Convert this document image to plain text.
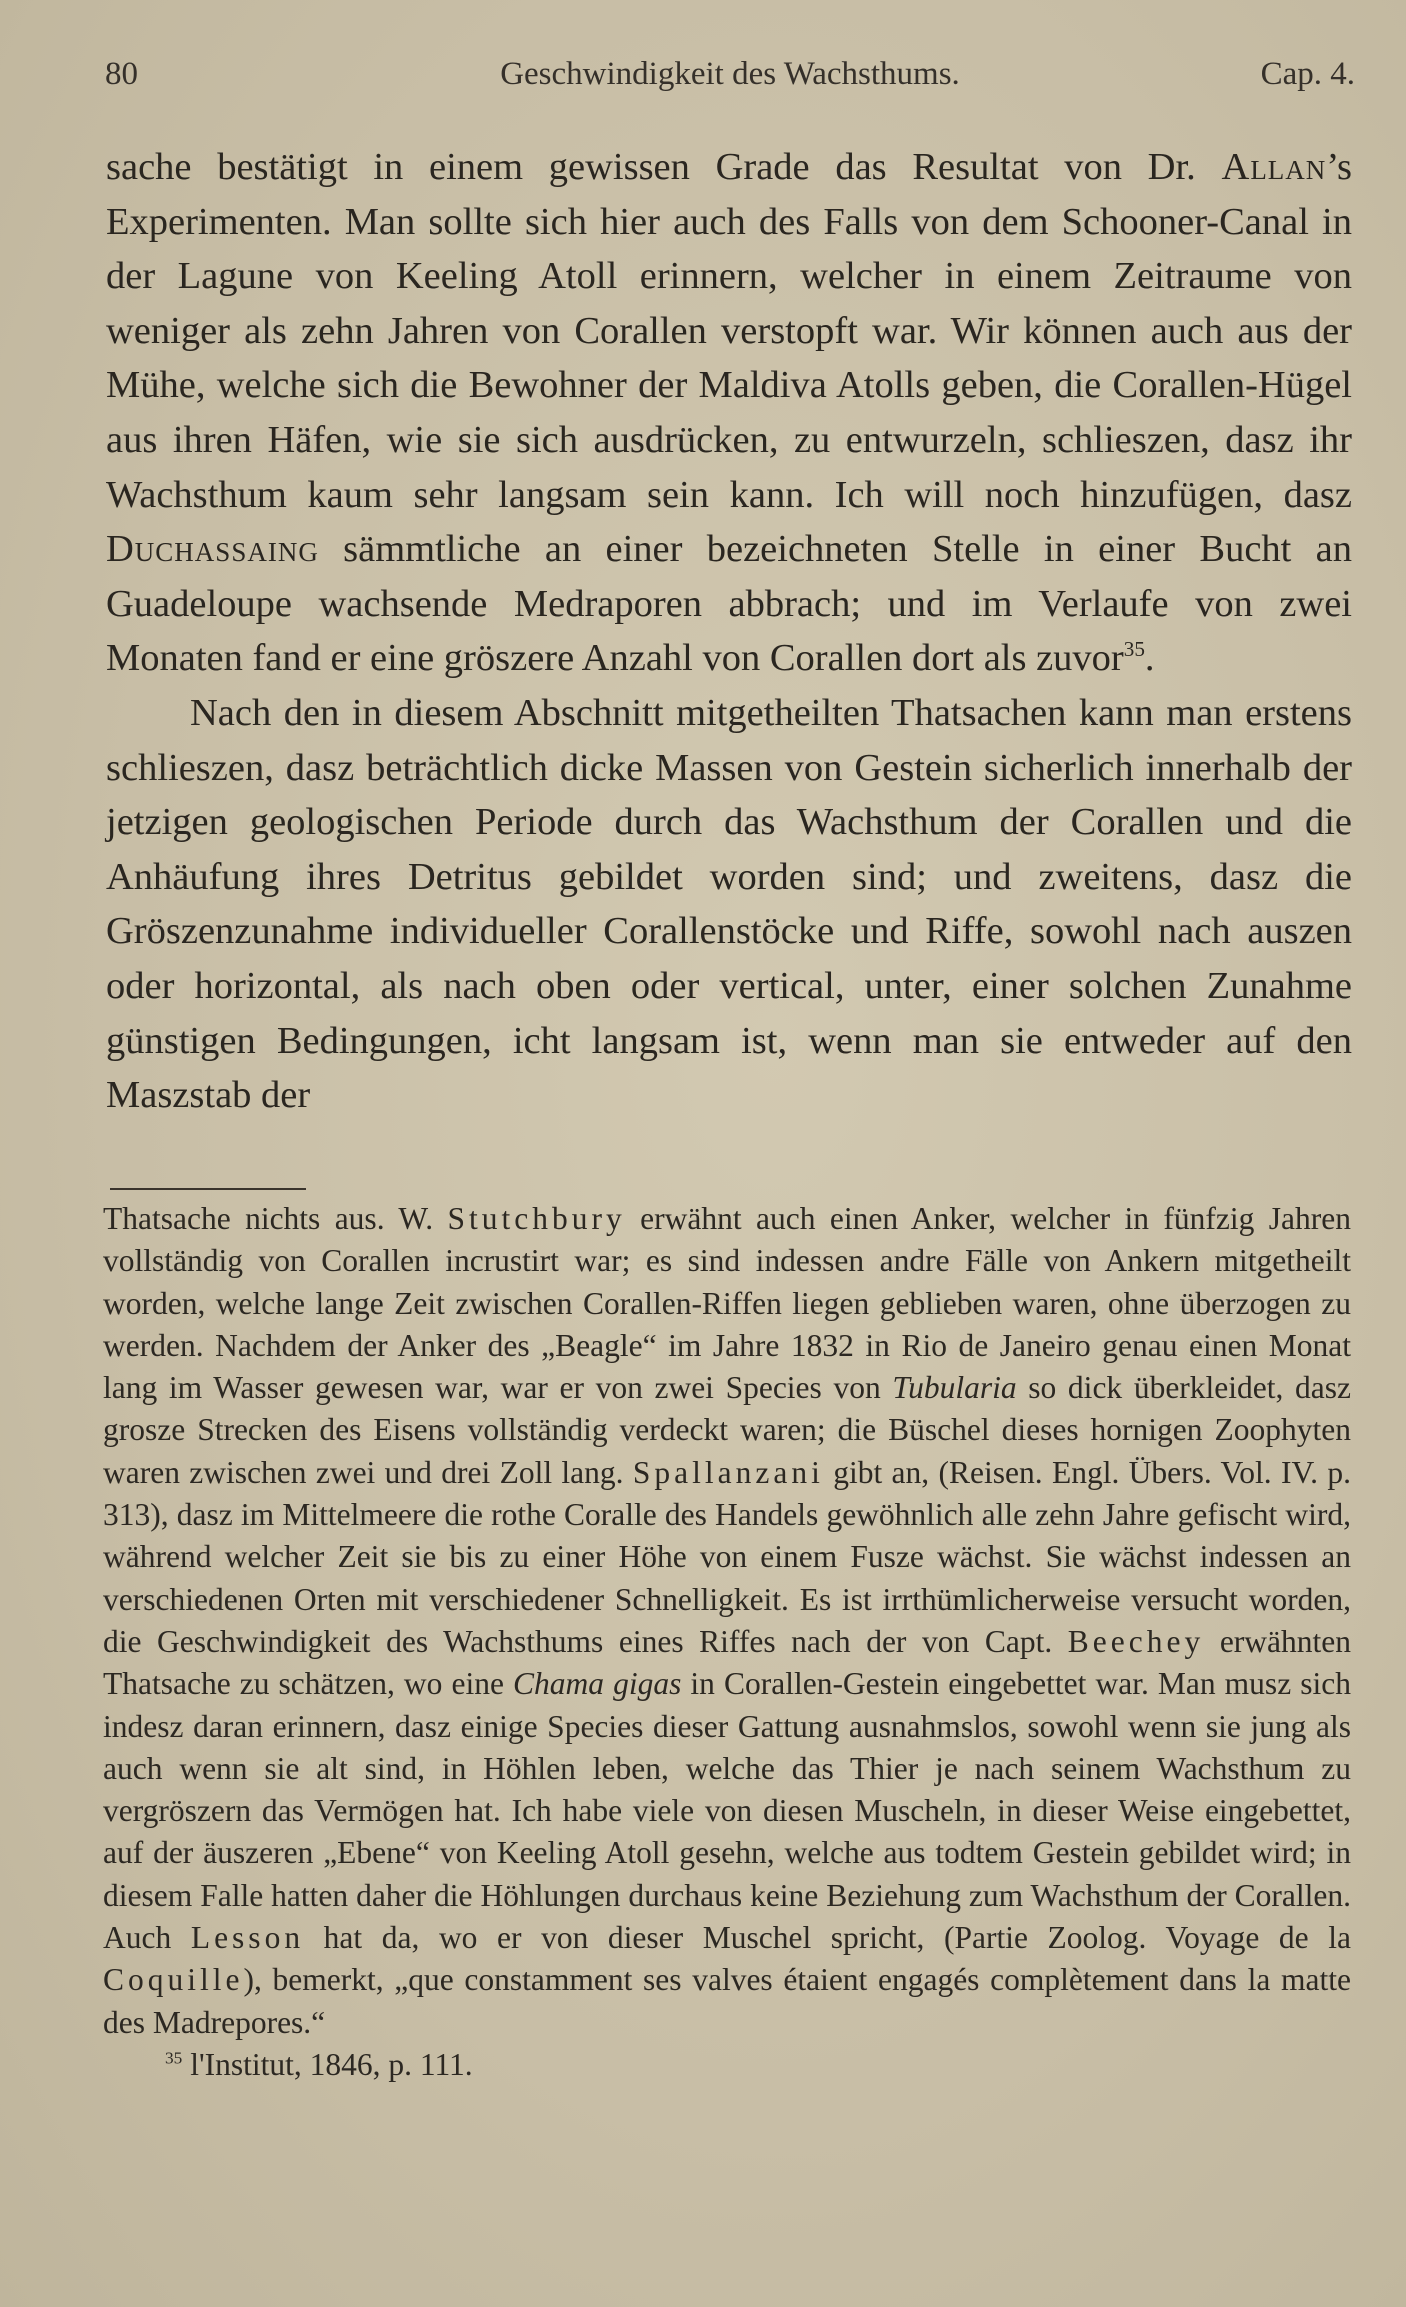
80	Geschwindigkeit des Wachsthums.	Cap. 4.

sache bestätigt in einem gewissen Grade das Resultat von Dr. Allan’s Experimenten. Man sollte sich hier auch des Falls von dem Schooner-Canal in der Lagune von Keeling Atoll erinnern, welcher in einem Zeitraume von weniger als zehn Jahren von Corallen verstopft war. Wir können auch aus der Mühe, welche sich die Bewohner der Maldiva Atolls geben, die Corallen-Hügel aus ihren Häfen, wie sie sich ausdrücken, zu entwurzeln, schlieszen, dasz ihr Wachsthum kaum sehr langsam sein kann. Ich will noch hinzufügen, dasz Duchassaing sämmtliche an einer bezeichneten Stelle in einer Bucht an Guadeloupe wachsende Medraporen abbrach; und im Verlaufe von zwei Monaten fand er eine gröszere Anzahl von Corallen dort als zuvor$^{35}$.

Nach den in diesem Abschnitt mitgetheilten Thatsachen kann man erstens schlieszen, dasz beträchtlich dicke Massen von Gestein sicherlich innerhalb der jetzigen geologischen Periode durch das Wachsthum der Corallen und die Anhäufung ihres Detritus gebildet worden sind; und zweitens, dasz die Gröszenzunahme individueller Corallenstöcke und Riffe, sowohl nach auszen oder horizontal, als nach oben oder vertical, unter, einer solchen Zunahme günstigen Bedingungen, icht langsam ist, wenn man sie entweder auf den Maszstab der

Thatsache nichts aus. W. Stutchbury erwähnt auch einen Anker, welcher in fünfzig Jahren vollständig von Corallen incrustirt war; es sind indessen andre Fälle von Ankern mitgetheilt worden, welche lange Zeit zwischen Corallen-Riffen liegen geblieben waren, ohne überzogen zu werden. Nachdem der Anker des „Beagle“ im Jahre 1832 in Rio de Janeiro genau einen Monat lang im Wasser gewesen war, war er von zwei Species von Tubularia so dick überkleidet, dasz grosze Strecken des Eisens vollständig verdeckt waren; die Büschel dieses hornigen Zoophyten waren zwischen zwei und drei Zoll lang. Spallanzani gibt an, (Reisen. Engl. Übers. Vol. IV. p. 313), dasz im Mittelmeere die rothe Coralle des Handels gewöhnlich alle zehn Jahre gefischt wird, während welcher Zeit sie bis zu einer Höhe von einem Fusze wächst. Sie wächst indessen an verschiedenen Orten mit verschiedener Schnelligkeit. Es ist irrthümlicherweise versucht worden, die Geschwindigkeit des Wachsthums eines Riffes nach der von Capt. Beechey erwähnten Thatsache zu schätzen, wo eine Chama gigas in Corallen-Gestein eingebettet war. Man musz sich indesz daran erinnern, dasz einige Species dieser Gattung ausnahmslos, sowohl wenn sie jung als auch wenn sie alt sind, in Höhlen leben, welche das Thier je nach seinem Wachsthum zu vergröszern das Vermögen hat. Ich habe viele von diesen Muscheln, in dieser Weise eingebettet, auf der äuszeren „Ebene“ von Keeling Atoll gesehn, welche aus todtem Gestein gebildet wird; in diesem Falle hatten daher die Höhlungen durchaus keine Beziehung zum Wachsthum der Corallen. Auch Lesson hat da, wo er von dieser Muschel spricht, (Partie Zoolog. Voyage de la Coquille), bemerkt, „que constamment ses valves étaient engagés complètement dans la matte des Madrepores.“

$^{35}$ l'Institut, 1846, p. 111.
